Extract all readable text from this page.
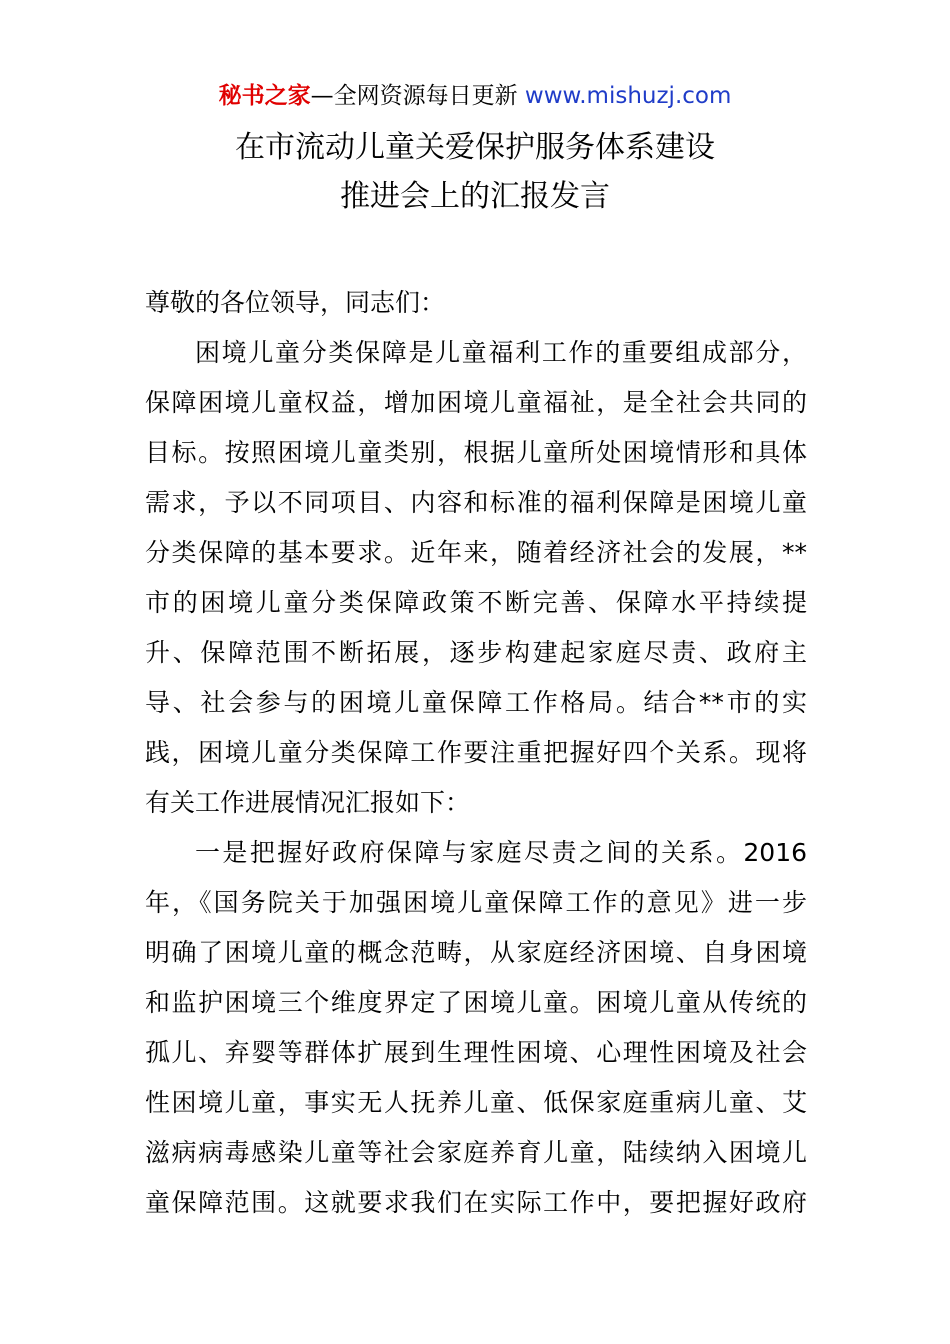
秘书之家—全网资源每日更新 www.mishuzj.com
在市流动儿童关爱保护服务体系建设
推进会上的汇报发言
尊敬的各位领导，同志们：
困境儿童分类保障是儿童福利工作的重要组成部分，
保障困境儿童权益，增加困境儿童福祉，是全社会共同的
目标。按照困境儿童类别，根据儿童所处困境情形和具体
需求，予以不同项目、内容和标准的福利保障是困境儿童
分类保障的基本要求。近年来，随着经济社会的发展，**
市的困境儿童分类保障政策不断完善、保障水平持续提
升、保障范围不断拓展，逐步构建起家庭尽责、政府主
导、社会参与的困境儿童保障工作格局。结合**市的实
践，困境儿童分类保障工作要注重把握好四个关系。现将
有关工作进展情况汇报如下：
一是把握好政府保障与家庭尽责之间的关系。2016
年，《国务院关于加强困境儿童保障工作的意见》进一步
明确了困境儿童的概念范畴，从家庭经济困境、自身困境
和监护困境三个维度界定了困境儿童。困境儿童从传统的
孤儿、弃婴等群体扩展到生理性困境、心理性困境及社会
性困境儿童，事实无人抚养儿童、低保家庭重病儿童、艾
滋病病毒感染儿童等社会家庭养育儿童，陆续纳入困境儿
童保障范围。这就要求我们在实际工作中，要把握好政府
